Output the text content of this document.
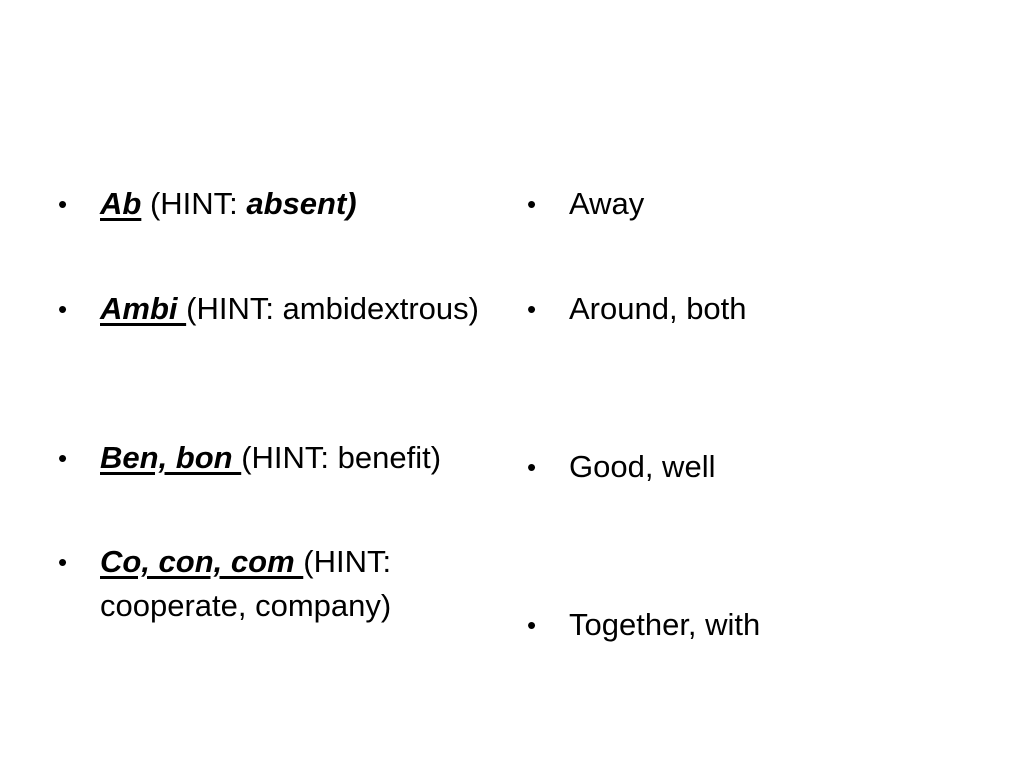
• Ab (HINT: absent)
• Ambi (HINT: ambidextrous)
• Ben, bon (HINT: benefit)
• Co, con, com (HINT: cooperate, company)
• Away
• Around, both
• Good, well
• Together, with
